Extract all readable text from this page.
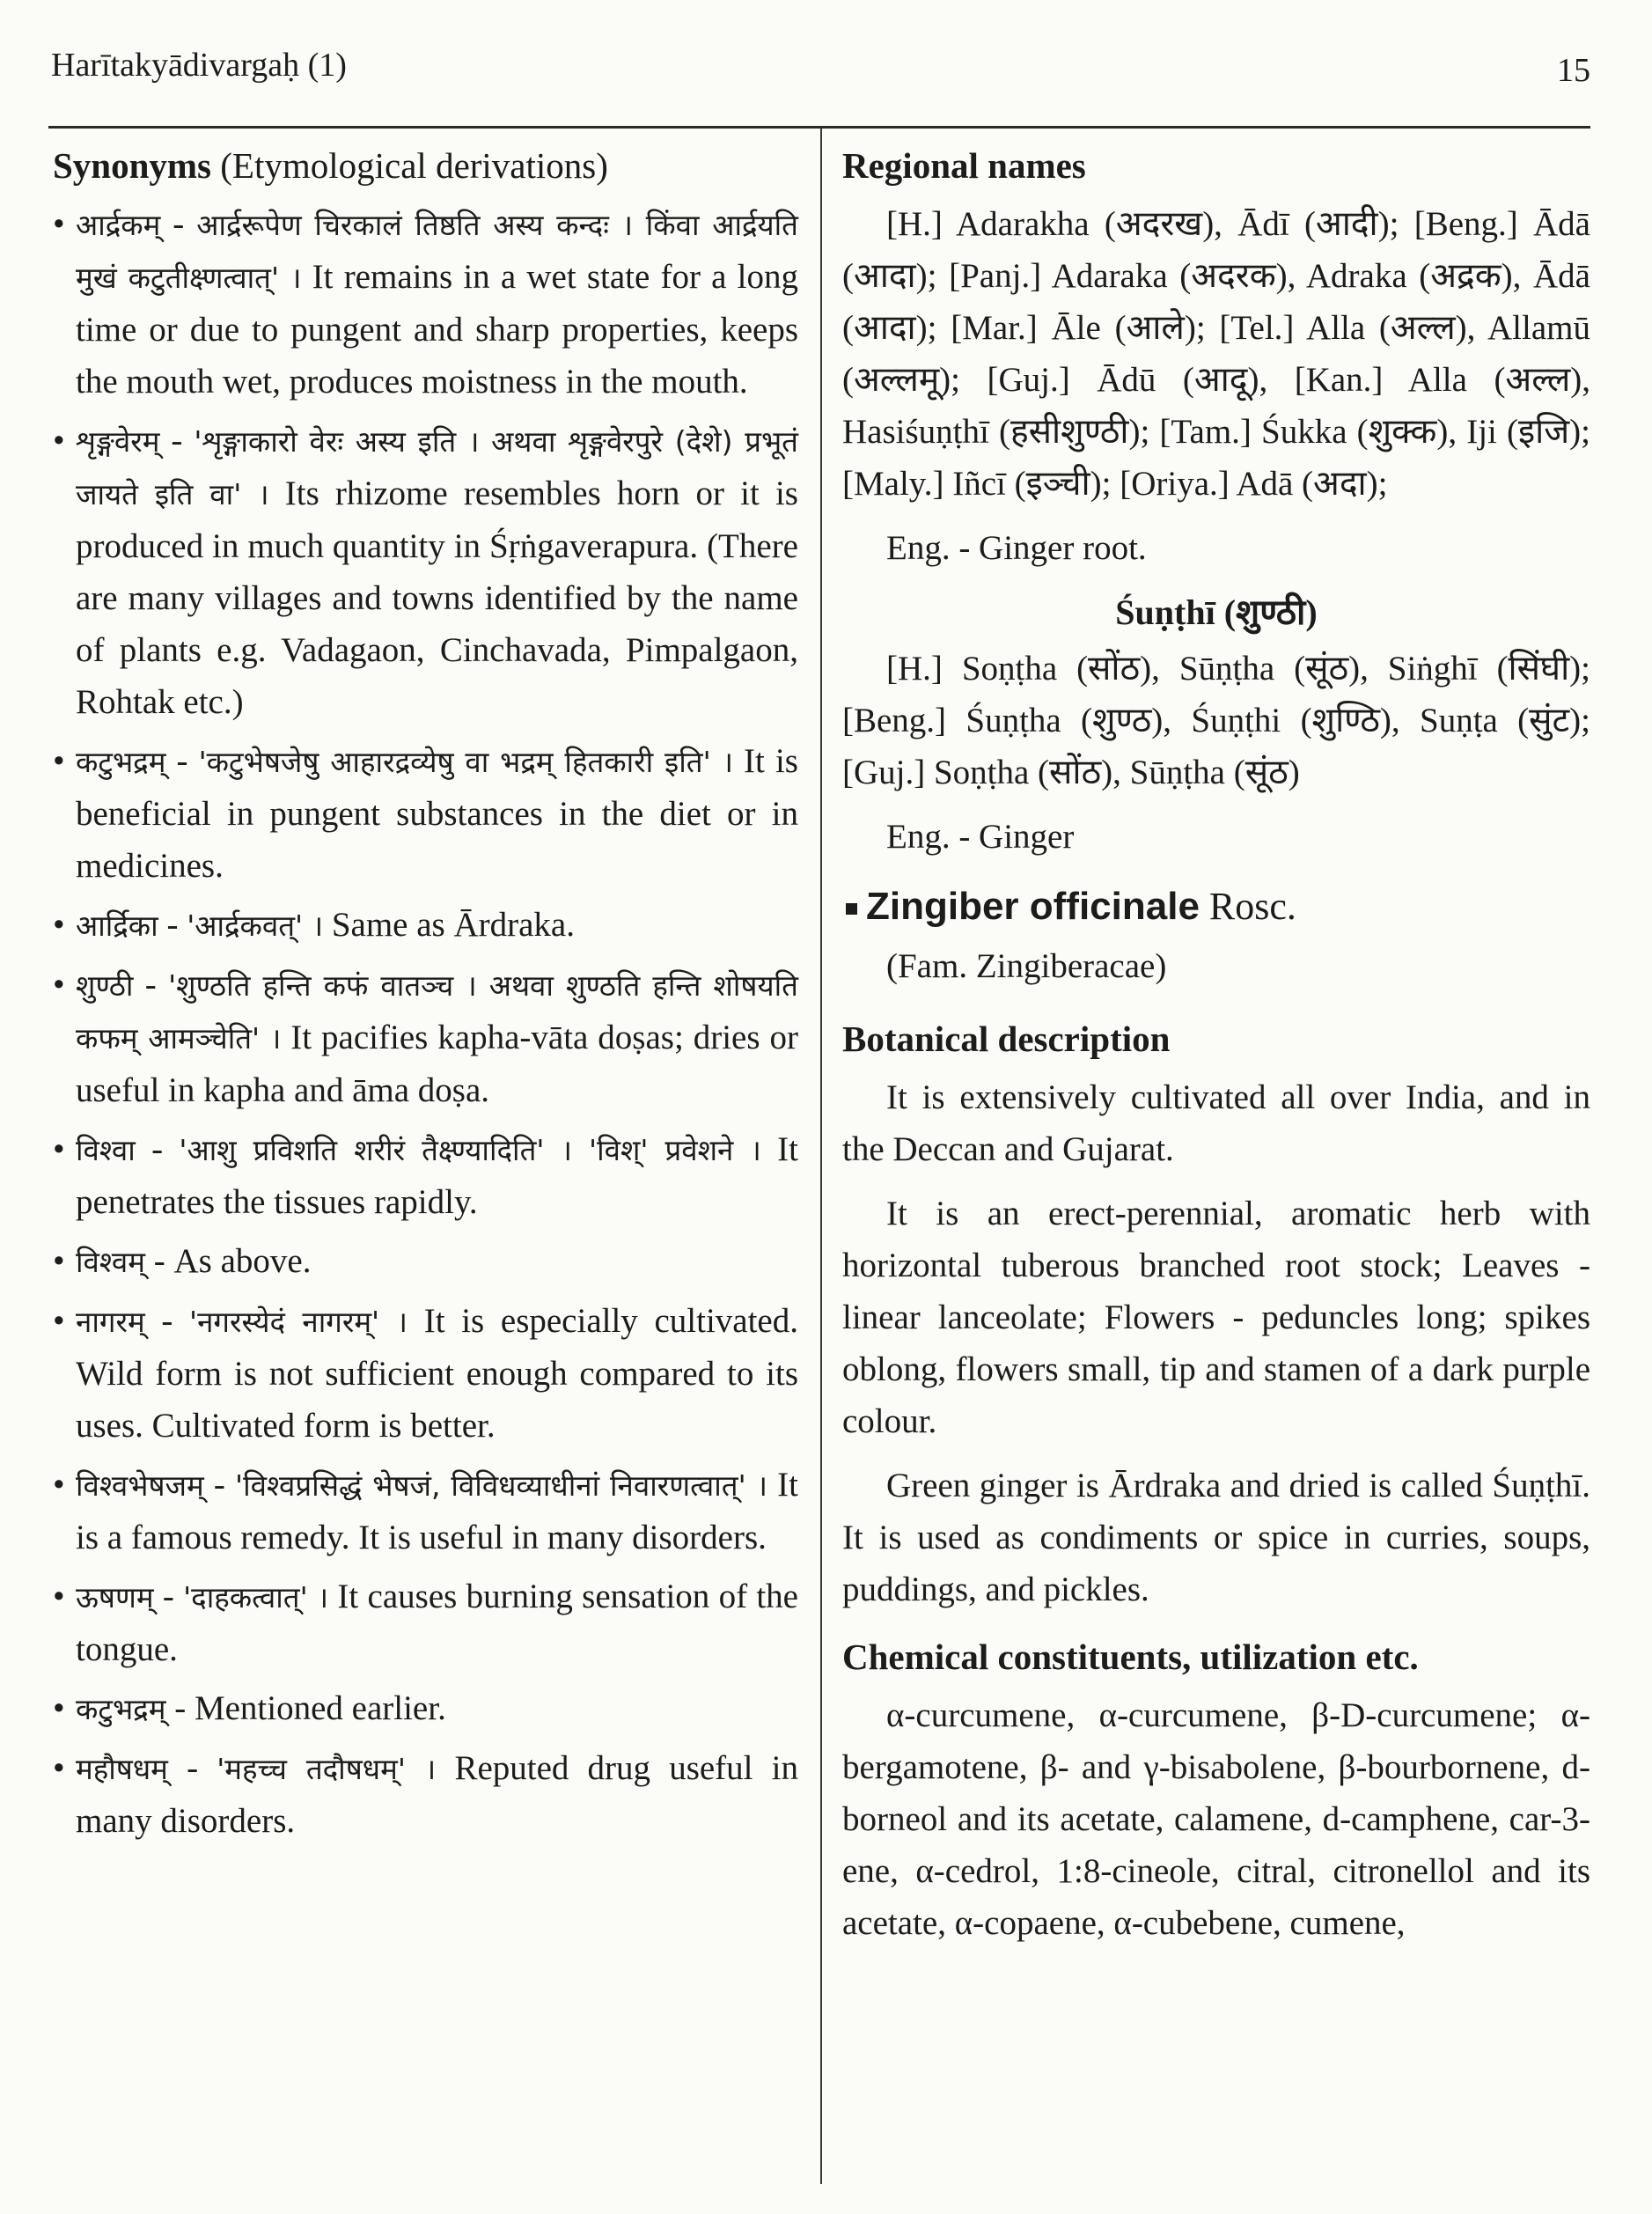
Harītakyādivargaḥ (1)	15
Synonyms (Etymological derivations)
• आर्द्रकम् - आर्द्ररूपेण चिरकालं तिष्ठति अस्य कन्दः । किंवा आर्द्रयति मुखं कटुतीक्ष्णत्वात्' । It remains in a wet state for a long time or due to pungent and sharp properties, keeps the mouth wet, produces moistness in the mouth.
• शृङ्गवेरम् - 'शृङ्गाकारो वेरः अस्य इति । अथवा शृङ्गवेरपुरे (देशे) प्रभूतं जायते इति वा' । Its rhizome resembles horn or it is produced in much quantity in Śṛṅgaverapura. (There are many villages and towns identified by the name of plants e.g. Vadagaon, Cinchavada, Pimpalgaon, Rohtak etc.)
• कटुभद्रम् - 'कटुभेषजेषु आहारद्रव्येषु वा भद्रम् हितकारी इति' । It is beneficial in pungent substances in the diet or in medicines.
• आर्द्रिका - 'आर्द्रकवत्' । Same as Ārdraka.
• शुण्ठी - 'शुण्ठति हन्ति कफं वातञ्च । अथवा शुण्ठति हन्ति शोषयति कफम् आमञ्चेति' । It pacifies kapha-vāta doṣas; dries or useful in kapha and āma doṣa.
• विश्वा - 'आशु प्रविशति शरीरं तैक्ष्ण्यादिति' । 'विश्' प्रवेशने । It penetrates the tissues rapidly.
• विश्वम् - As above.
• नागरम् - 'नगरस्येदं नागरम्' । It is especially cultivated. Wild form is not sufficient enough compared to its uses. Cultivated form is better.
• विश्वभेषजम् - 'विश्वप्रसिद्धं भेषजं, विविधव्याधीनां निवारणत्वात्' । It is a famous remedy. It is useful in many disorders.
• ऊषणम् - 'दाहकत्वात्' । It causes burning sensation of the tongue.
• कटुभद्रम् - Mentioned earlier.
• महौषधम् - 'महच्च तदौषधम्' । Reputed drug useful in many disorders.
Regional names

[H.] Adarakha (अदरख), Ādī (आदी); [Beng.] Ādā (आदा); [Panj.] Adaraka (अदरक), Adraka (अद्रक), Ādā (आदा); [Mar.] Āle (आले); [Tel.] Alla (अल्ल), Allamū (अल्लमू); [Guj.] Ādū (आदू), [Kan.] Alla (अल्ल), Hasiśuṇṭhī (हसीशुण्ठी); [Tam.] Śukka (शुक्क), Iji (इजि); [Maly.] Iñcī (इञ्ची); [Oriya.] Adā (अदा);

Eng. - Ginger root.

Śuṇṭhī (शुण्ठी)

[H.] Soṇṭha (सोंठ), Sūṇṭha (सूंठ), Siṅghī (सिंघी); [Beng.] Śuṇṭha (शुण्ठ), Śuṇṭhi (शुण्ठि), Suṇṭa (सुंट); [Guj.] Soṇṭha (सोंठ), Sūṇṭha (सूंठ)

Eng. - Ginger

Zingiber officinale Rosc.
(Fam. Zingiberacae)
Botanical description

It is extensively cultivated all over India, and in the Deccan and Gujarat.

It is an erect-perennial, aromatic herb with horizontal tuberous branched root stock; Leaves - linear lanceolate; Flowers - peduncles long; spikes oblong, flowers small, tip and stamen of a dark purple colour.

Green ginger is Ārdraka and dried is called Śuṇṭhī. It is used as condiments or spice in curries, soups, puddings, and pickles.

Chemical constituents, utilization etc.

α-curcumene, α-curcumene, β-D-curcumene; α-bergamotene, β- and γ-bisabolene, β-bourbornene, d-borneol and its acetate, calamene, d-camphene, car-3-ene, α-cedrol, 1:8-cineole, citral, citronellol and its acetate, α-copaene, α-cubebene, cumene,
